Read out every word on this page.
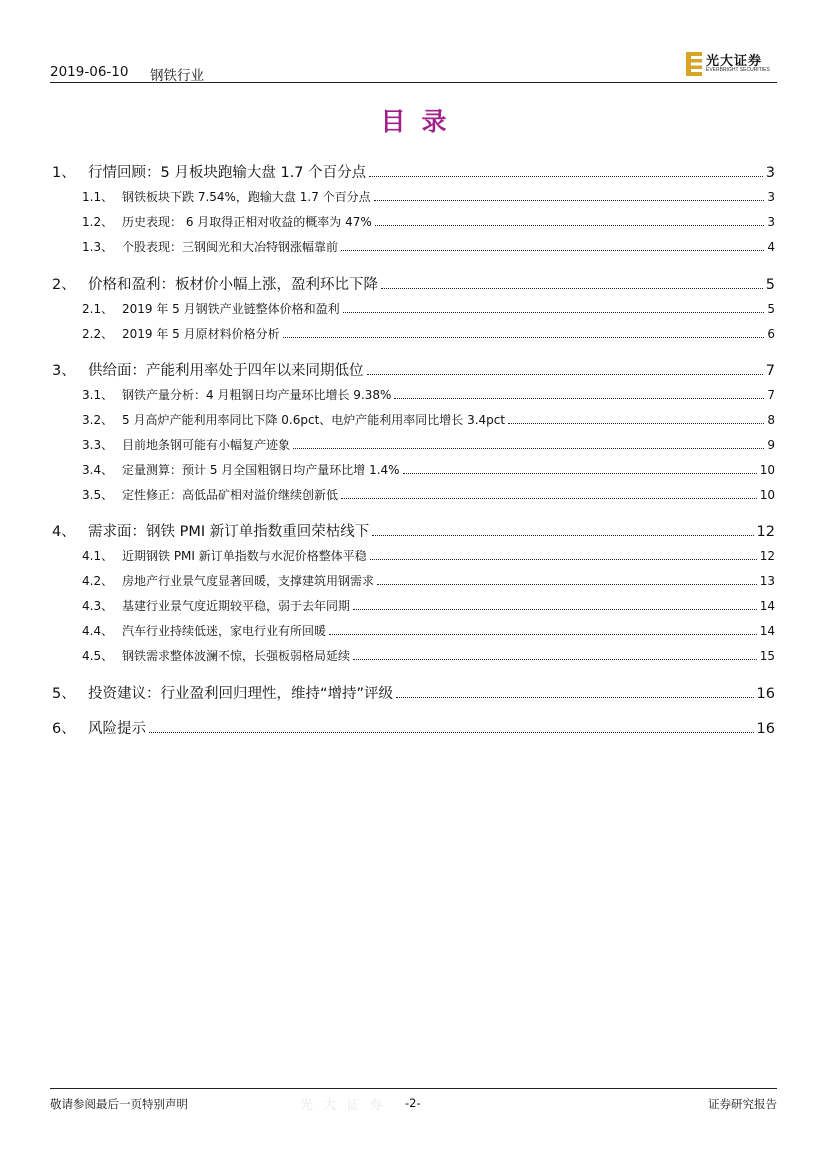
2019-06-10 钢铁行业
光大证券
EVERBRIGHT SECURITIES
目录
1、 行情回顾：5 月板块跑输大盘 1.7 个百分点	3
1.1、 钢铁板块下跌 7.54%，跑输大盘 1.7 个百分点	3
1.2、 历史表现： 6 月取得正相对收益的概率为 47%	3
1.3、 个股表现：三钢闽光和大冶特钢涨幅靠前	4
2、 价格和盈利：板材价小幅上涨，盈利环比下降	5
2.1、 2019 年 5 月钢铁产业链整体价格和盈利	5
2.2、 2019 年 5 月原材料价格分析	6
3、 供给面：产能利用率处于四年以来同期低位	7
3.1、 钢铁产量分析：4 月粗钢日均产量环比增长 9.38%	7
3.2、 5 月高炉产能利用率同比下降 0.6pct、电炉产能利用率同比增长 3.4pct	8
3.3、 目前地条钢可能有小幅复产迹象	9
3.4、 定量测算：预计 5 月全国粗钢日均产量环比增 1.4%	10
3.5、 定性修正：高低品矿相对溢价继续创新低	10
4、 需求面：钢铁 PMI 新订单指数重回荣枯线下	12
4.1、 近期钢铁 PMI 新订单指数与水泥价格整体平稳	12
4.2、 房地产行业景气度显著回暖，支撑建筑用钢需求	13
4.3、 基建行业景气度近期较平稳，弱于去年同期	14
4.4、 汽车行业持续低迷，家电行业有所回暖	14
4.5、 钢铁需求整体波澜不惊，长强板弱格局延续	15
5、 投资建议：行业盈利回归理性，维持“增持”评级	16
6、 风险提示	16
敬请参阅最后一页特别声明	光 大 证 券 -2-	证券研究报告
